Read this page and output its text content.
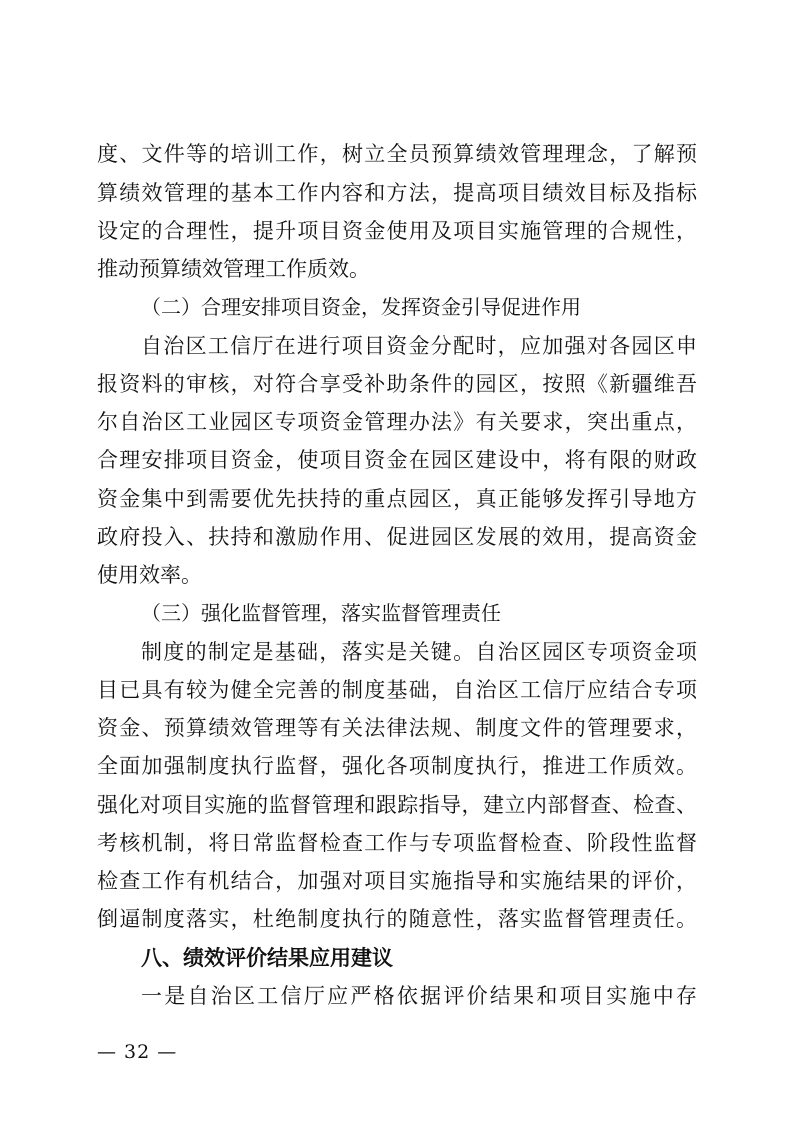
度、文件等的培训工作，树立全员预算绩效管理理念，了解预
算绩效管理的基本工作内容和方法，提高项目绩效目标及指标
设定的合理性，提升项目资金使用及项目实施管理的合规性，
推动预算绩效管理工作质效。
（二）合理安排项目资金，发挥资金引导促进作用
自治区工信厅在进行项目资金分配时，应加强对各园区申
报资料的审核，对符合享受补助条件的园区，按照《新疆维吾
尔自治区工业园区专项资金管理办法》有关要求，突出重点，
合理安排项目资金，使项目资金在园区建设中，将有限的财政
资金集中到需要优先扶持的重点园区，真正能够发挥引导地方
政府投入、扶持和激励作用、促进园区发展的效用，提高资金
使用效率。
（三）强化监督管理，落实监督管理责任
制度的制定是基础，落实是关键。自治区园区专项资金项
目已具有较为健全完善的制度基础，自治区工信厅应结合专项
资金、预算绩效管理等有关法律法规、制度文件的管理要求，
全面加强制度执行监督，强化各项制度执行，推进工作质效。
强化对项目实施的监督管理和跟踪指导，建立内部督查、检查、
考核机制，将日常监督检查工作与专项监督检查、阶段性监督
检查工作有机结合，加强对项目实施指导和实施结果的评价，
倒逼制度落实，杜绝制度执行的随意性，落实监督管理责任。
八、绩效评价结果应用建议
一是自治区工信厅应严格依据评价结果和项目实施中存
— 32 —
